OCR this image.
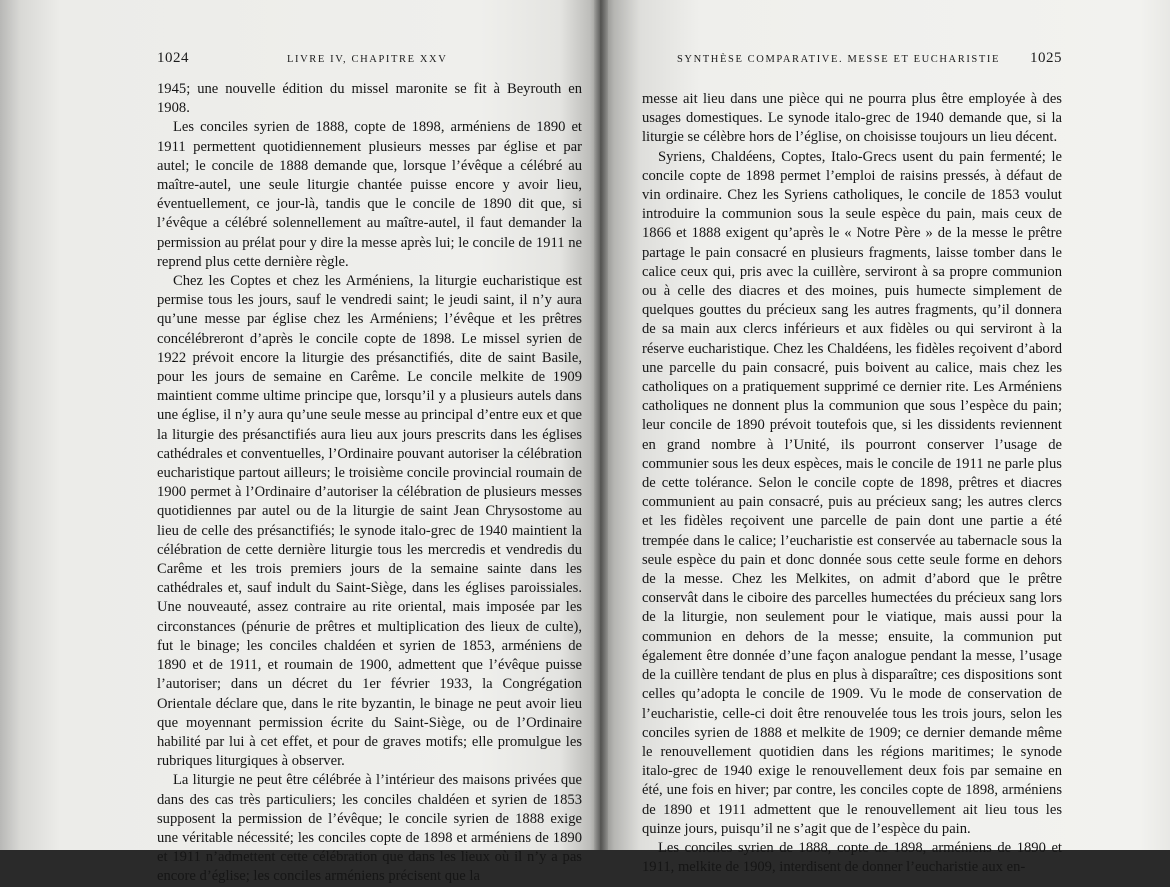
1024	LIVRE IV, CHAPITRE XXV

1945; une nouvelle édition du missel maronite se fit à Beyrouth en 1908.

Les conciles syrien de 1888, copte de 1898, arméniens de 1890 et 1911 permettent quotidiennement plusieurs messes par église et par autel; le concile de 1888 demande que, lorsque l’évêque a célébré au maître-autel, une seule liturgie chantée puisse encore y avoir lieu, éventuellement, ce jour-là, tandis que le concile de 1890 dit que, si l’évêque a célébré solennellement au maître-autel, il faut demander la permission au prélat pour y dire la messe après lui; le concile de 1911 ne reprend plus cette dernière règle.

Chez les Coptes et chez les Arméniens, la liturgie eucharistique est permise tous les jours, sauf le vendredi saint; le jeudi saint, il n’y aura qu’une messe par église chez les Arméniens; l’évêque et les prêtres concélébreront d’après le concile copte de 1898. Le missel syrien de 1922 prévoit encore la liturgie des présanctifiés, dite de saint Basile, pour les jours de semaine en Carême. Le concile melkite de 1909 maintient comme ultime principe que, lorsqu’il y a plusieurs autels dans une église, il n’y aura qu’une seule messe au principal d’entre eux et que la liturgie des présanctifiés aura lieu aux jours prescrits dans les églises cathédrales et conventuelles, l’Ordinaire pouvant autoriser la célébration eucharistique partout ailleurs; le troisième concile provincial roumain de 1900 permet à l’Ordinaire d’autoriser la célébration de plusieurs messes quotidiennes par autel ou de la liturgie de saint Jean Chrysostome au lieu de celle des présanctifiés; le synode italo-grec de 1940 maintient la célébration de cette dernière liturgie tous les mercredis et vendredis du Carême et les trois premiers jours de la semaine sainte dans les cathédrales et, sauf indult du Saint-Siège, dans les églises paroissiales. Une nouveauté, assez contraire au rite oriental, mais imposée par les circonstances (pénurie de prêtres et multiplication des lieux de culte), fut le binage; les conciles chaldéen et syrien de 1853, arméniens de 1890 et de 1911, et roumain de 1900, admettent que l’évêque puisse l’autoriser; dans un décret du 1er février 1933, la Congrégation Orientale déclare que, dans le rite byzantin, le binage ne peut avoir lieu que moyennant permission écrite du Saint-Siège, ou de l’Ordinaire habilité par lui à cet effet, et pour de graves motifs; elle promulgue les rubriques liturgiques à observer.

La liturgie ne peut être célébrée à l’intérieur des maisons privées que dans des cas très particuliers; les conciles chaldéen et syrien de 1853 supposent la permission de l’évêque; le concile syrien de 1888 exige une véritable nécessité; les conciles copte de 1898 et arméniens de 1890 et 1911 n’admettent cette célébration que dans les lieux où il n’y a pas encore d’église; les conciles arméniens précisent que la

SYNTHÈSE COMPARATIVE. MESSE ET EUCHARISTIE 1025

messe ait lieu dans une pièce qui ne pourra plus être employée à des usages domestiques. Le synode italo-grec de 1940 demande que, si la liturgie se célèbre hors de l’église, on choisisse toujours un lieu décent.

Syriens, Chaldéens, Coptes, Italo-Grecs usent du pain fermenté; le concile copte de 1898 permet l’emploi de raisins pressés, à défaut de vin ordinaire. Chez les Syriens catholiques, le concile de 1853 voulut introduire la communion sous la seule espèce du pain, mais ceux de 1866 et 1888 exigent qu’après le « Notre Père » de la messe le prêtre partage le pain consacré en plusieurs fragments, laisse tomber dans le calice ceux qui, pris avec la cuillère, serviront à sa propre communion ou à celle des diacres et des moines, puis humecte simplement de quelques gouttes du précieux sang les autres fragments, qu’il donnera de sa main aux clercs inférieurs et aux fidèles ou qui serviront à la réserve eucharistique. Chez les Chaldéens, les fidèles reçoivent d’abord une parcelle du pain consacré, puis boivent au calice, mais chez les catholiques on a pratiquement supprimé ce dernier rite. Les Arméniens catholiques ne donnent plus la communion que sous l’espèce du pain; leur concile de 1890 prévoit toutefois que, si les dissidents reviennent en grand nombre à l’Unité, ils pourront conserver l’usage de communier sous les deux espèces, mais le concile de 1911 ne parle plus de cette tolérance. Selon le concile copte de 1898, prêtres et diacres communient au pain consacré, puis au précieux sang; les autres clercs et les fidèles reçoivent une parcelle de pain dont une partie a été trempée dans le calice; l’eucharistie est conservée au tabernacle sous la seule espèce du pain et donc donnée sous cette seule forme en dehors de la messe. Chez les Melkites, on admit d’abord que le prêtre conservât dans le ciboire des parcelles humectées du précieux sang lors de la liturgie, non seulement pour le viatique, mais aussi pour la communion en dehors de la messe; ensuite, la communion put également être donnée d’une façon analogue pendant la messe, l’usage de la cuillère tendant de plus en plus à disparaître; ces dispositions sont celles qu’adopta le concile de 1909. Vu le mode de conservation de l’eucharistie, celle-ci doit être renouvelée tous les trois jours, selon les conciles syrien de 1888 et melkite de 1909; ce dernier demande même le renouvellement quotidien dans les régions maritimes; le synode italo-grec de 1940 exige le renouvellement deux fois par semaine en été, une fois en hiver; par contre, les conciles copte de 1898, arméniens de 1890 et 1911 admettent que le renouvellement ait lieu tous les quinze jours, puisqu’il ne s’agit que de l’espèce du pain.

Les conciles syrien de 1888, copte de 1898, arméniens de 1890 et 1911, melkite de 1909, interdisent de donner l’eucharistie aux en-
